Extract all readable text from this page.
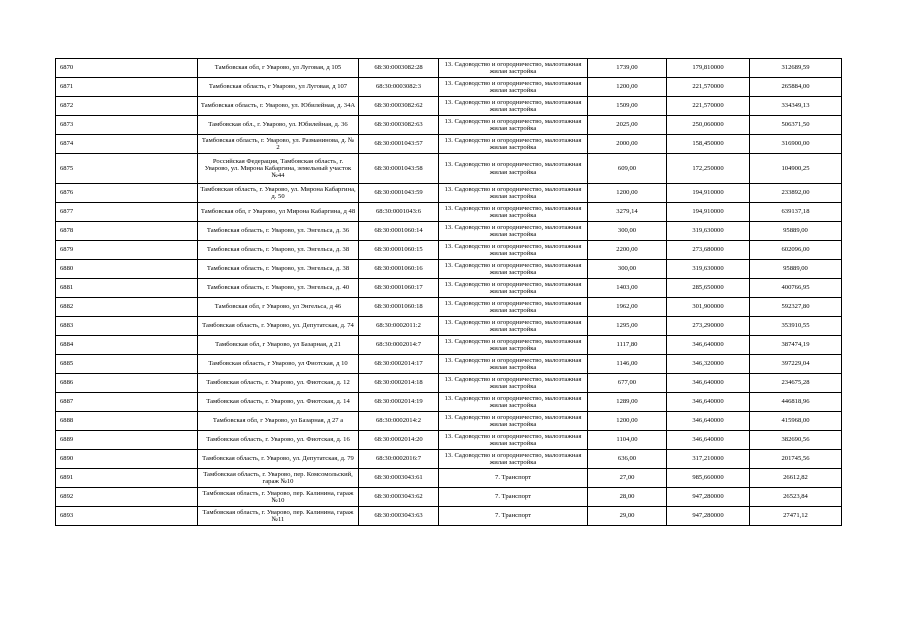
6870	Тамбовская обл, г Уварово, ул Луговая, д 105	68:30:0003082:28	13. Садоводство и огородничество, малоэтажная жилая застройка	1739,00	179,810000	312689,59
6871	Тамбовская область, г Уварово, ул Луговая, д 107	68:30:0003082:3	13. Садоводство и огородничество, малоэтажная жилая застройка	1200,00	221,570000	265884,00
6872	Тамбовская область, г. Уварово, ул. Юбилейная, д. 34А	68:30:0003082:62	13. Садоводство и огородничество, малоэтажная жилая застройка	1509,00	221,570000	334349,13
6873	Тамбовская обл., г. Уварово, ул. Юбилейная, д. 36	68:30:0003082:63	13. Садоводство и огородничество, малоэтажная жилая застройка	2025,00	250,060000	506371,50
6874	Тамбовская область, г. Уварово, ул. Разманинова, д. № 2	68:30:0001043:57	13. Садоводство и огородничество, малоэтажная жилая застройка	2000,00	158,450000	316900,00
6875	Российская Федерация, Тамбовская область, г. Уварово, ул. Мирона Кабаргина, земельный участок №44	68:30:0001043:58	13. Садоводство и огородничество, малоэтажная жилая застройка	609,00	172,250000	104900,25
6876	Тамбовская область, г. Уварово, ул. Мирона Кабаргина, д. 50	68:30:0001043:59	13. Садоводство и огородничество, малоэтажная жилая застройка	1200,00	194,910000	233892,00
6877	Тамбовская обл, г Уварово, ул Мирона Кабаргина, д 48	68:30:0001043:6	13. Садоводство и огородничество, малоэтажная жилая застройка	3279,14	194,910000	639137,18
6878	Тамбовская область, г. Уварово, ул. Энгельса, д. 36	68:30:0001060:14	13. Садоводство и огородничество, малоэтажная жилая застройка	300,00	319,630000	95889,00
6879	Тамбовская область, г. Уварово, ул. Энгельса, д. 38	68:30:0001060:15	13. Садоводство и огородничество, малоэтажная жилая застройка	2200,00	273,680000	602096,00
6880	Тамбовская область, г. Уварово, ул. Энгельса, д. 38	68:30:0001060:16	13. Садоводство и огородничество, малоэтажная жилая застройка	300,00	319,630000	95889,00
6881	Тамбовская область, г. Уварово, ул. Энгельса, д. 40	68:30:0001060:17	13. Садоводство и огородничество, малоэтажная жилая застройка	1403,00	285,650000	400766,95
6882	Тамбовская обл, г Уварово, ул Энгельса, д 46	68:30:0001060:18	13. Садоводство и огородничество, малоэтажная жилая застройка	1962,00	301,900000	592327,80
6883	Тамбовская область, г. Уварово, ул. Депутатская, д. 74	68:30:0002011:2	13. Садоводство и огородничество, малоэтажная жилая застройка	1295,00	273,290000	353910,55
6884	Тамбовская обл, г Уварово, ул Базарная, д 21	68:30:0002014:7	13. Садоводство и огородничество, малоэтажная жилая застройка	1117,80	346,640000	387474,19
6885	Тамбовская область, г Уварово, ул Фиотская, д 10	68:30:0002014:17	13. Садоводство и огородничество, малоэтажная жилая застройка	1146,00	346,320000	397229,04
6886	Тамбовская область, г. Уварово, ул. Фиотская, д. 12	68:30:0002014:18	13. Садоводство и огородничество, малоэтажная жилая застройка	677,00	346,640000	234675,28
6887	Тамбовская область, г. Уварово, ул. Фиотская, д. 14	68:30:0002014:19	13. Садоводство и огородничество, малоэтажная жилая застройка	1289,00	346,640000	446818,96
6888	Тамбовская обл, г Уварово, ул Базарная, д 27 а	68:30:0002014:2	13. Садоводство и огородничество, малоэтажная жилая застройка	1200,00	346,640000	415968,00
6889	Тамбовская область, г. Уварово, ул. Фиотская, д. 16	68:30:0002014:20	13. Садоводство и огородничество, малоэтажная жилая застройка	1104,00	346,640000	382690,56
6890	Тамбовская область, г. Уварово, ул. Депутатская, д. 79	68:30:0002016:7	13. Садоводство и огородничество, малоэтажная жилая застройка	636,00	317,210000	201745,56
6891	Тамбовская область, г. Уварово, пер. Комсомольский, гараж №10	68:30:0003043:61	7. Транспорт	27,00	985,660000	26612,82
6892	Тамбовская область, г. Уварово, пер. Калинина, гараж №10	68:30:0003043:62	7. Транспорт	28,00	947,280000	26523,84
6893	Тамбовская область, г. Уварово, пер. Калинина, гараж №11	68:30:0003043:63	7. Транспорт	29,00	947,280000	27471,12
